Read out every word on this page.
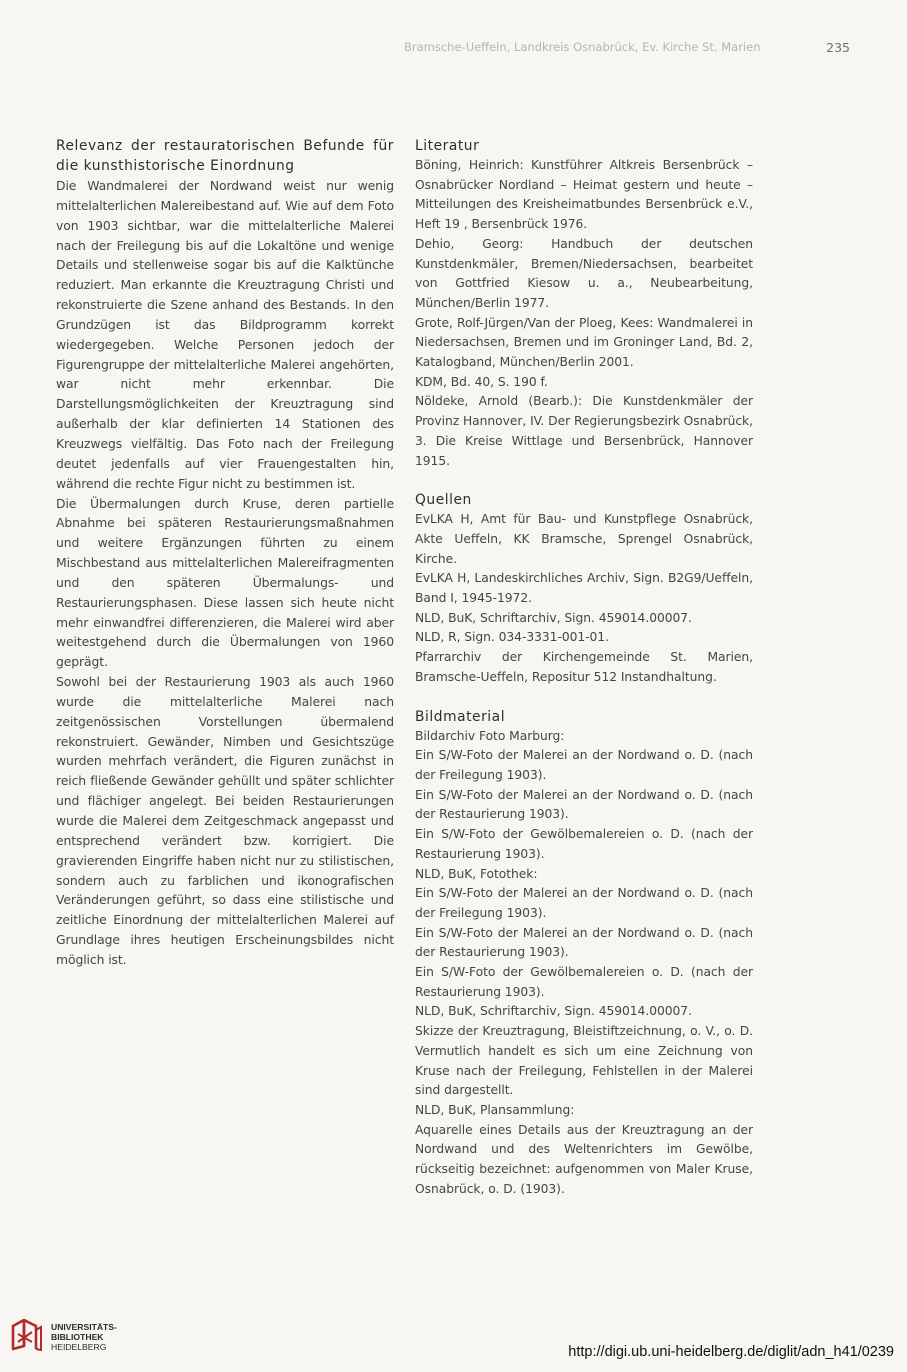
Bramsche-Ueffeln, Landkreis Osnabrück, Ev. Kirche St. Marien	235
Relevanz der restauratorischen Befunde für die kunsthistorische Einordnung
Die Wandmalerei der Nordwand weist nur wenig mittelalterlichen Malereibestand auf. Wie auf dem Foto von 1903 sichtbar, war die mittelalterliche Malerei nach der Freilegung bis auf die Lokaltöne und wenige Details und stellenweise sogar bis auf die Kalktünche reduziert. Man erkannte die Kreuztragung Christi und rekonstruierte die Szene anhand des Bestands. In den Grundzügen ist das Bildprogramm korrekt wiedergegeben. Welche Personen jedoch der Figurengruppe der mittelalterliche Malerei angehörten, war nicht mehr erkennbar. Die Darstellungsmöglichkeiten der Kreuztragung sind außerhalb der klar definierten 14 Stationen des Kreuzwegs vielfältig. Das Foto nach der Freilegung deutet jedenfalls auf vier Frauengestalten hin, während die rechte Figur nicht zu bestimmen ist.
Die Übermalungen durch Kruse, deren partielle Abnahme bei späteren Restaurierungsmaßnahmen und weitere Ergänzungen führten zu einem Mischbestand aus mittelalterlichen Malereifragmenten und den späteren Übermalungs- und Restaurierungsphasen. Diese lassen sich heute nicht mehr einwandfrei differenzieren, die Malerei wird aber weitestgehend durch die Übermalungen von 1960 geprägt.
Sowohl bei der Restaurierung 1903 als auch 1960 wurde die mittelalterliche Malerei nach zeitgenössischen Vorstellungen übermalend rekonstruiert. Gewänder, Nimben und Gesichtszüge wurden mehrfach verändert, die Figuren zunächst in reich fließende Gewänder gehüllt und später schlichter und flächiger angelegt. Bei beiden Restaurierungen wurde die Malerei dem Zeitgeschmack angepasst und entsprechend verändert bzw. korrigiert. Die gravierenden Eingriffe haben nicht nur zu stilistischen, sondern auch zu farblichen und ikonografischen Veränderungen geführt, so dass eine stilistische und zeitliche Einordnung der mittelalterlichen Malerei auf Grundlage ihres heutigen Erscheinungsbildes nicht möglich ist.
Literatur

Böning, Heinrich: Kunstführer Altkreis Bersenbrück – Osnabrücker Nordland – Heimat gestern und heute – Mitteilungen des Kreisheimatbundes Bersenbrück e.V., Heft 19 , Bersenbrück 1976.

Dehio, Georg: Handbuch der deutschen Kunstdenkmäler, Bremen/Niedersachsen, bearbeitet von Gottfried Kiesow u. a., Neubearbeitung, München/Berlin 1977.

Grote, Rolf-Jürgen/Van der Ploeg, Kees: Wandmalerei in Niedersachsen, Bremen und im Groninger Land, Bd. 2, Katalogband, München/Berlin 2001.

KDM, Bd. 40, S. 190 f.

Nöldeke, Arnold (Bearb.): Die Kunstdenkmäler der Provinz Hannover, IV. Der Regierungsbezirk Osnabrück, 3. Die Kreise Wittlage und Bersenbrück, Hannover 1915.

Quellen

EvLKA H, Amt für Bau- und Kunstpflege Osnabrück, Akte Ueffeln, KK Bramsche, Sprengel Osnabrück, Kirche.

EvLKA H, Landeskirchliches Archiv, Sign. B2G9/Ueffeln, Band I, 1945-1972.

NLD, BuK, Schriftarchiv, Sign. 459014.00007.

NLD, R, Sign. 034-3331-001-01.

Pfarrarchiv der Kirchengemeinde St. Marien, Bramsche-Ueffeln, Repositur 512 Instandhaltung.

Bildmaterial

Bildarchiv Foto Marburg:

Ein S/W-Foto der Malerei an der Nordwand o. D. (nach der Freilegung 1903).

Ein S/W-Foto der Malerei an der Nordwand o. D. (nach der Restaurierung 1903).

Ein S/W-Foto der Gewölbemalereien o. D. (nach der Restaurierung 1903).

NLD, BuK, Fotothek:

Ein S/W-Foto der Malerei an der Nordwand o. D. (nach der Freilegung 1903).

Ein S/W-Foto der Malerei an der Nordwand o. D. (nach der Restaurierung 1903).

Ein S/W-Foto der Gewölbemalereien o. D. (nach der Restaurierung 1903).

NLD, BuK, Schriftarchiv, Sign. 459014.00007.

Skizze der Kreuztragung, Bleistiftzeichnung, o. V., o. D. Vermutlich handelt es sich um eine Zeichnung von Kruse nach der Freilegung, Fehlstellen in der Malerei sind dargestellt.

NLD, BuK, Plansammlung:

Aquarelle eines Details aus der Kreuztragung an der Nordwand und des Weltenrichters im Gewölbe, rückseitig bezeichnet: aufgenommen von Maler Kruse, Osnabrück, o. D. (1903).

UNIVERSITÄTS-
BIBLIOTHEK
HEIDELBERG	http://digi.ub.uni-heidelberg.de/diglit/adn_h41/0239
